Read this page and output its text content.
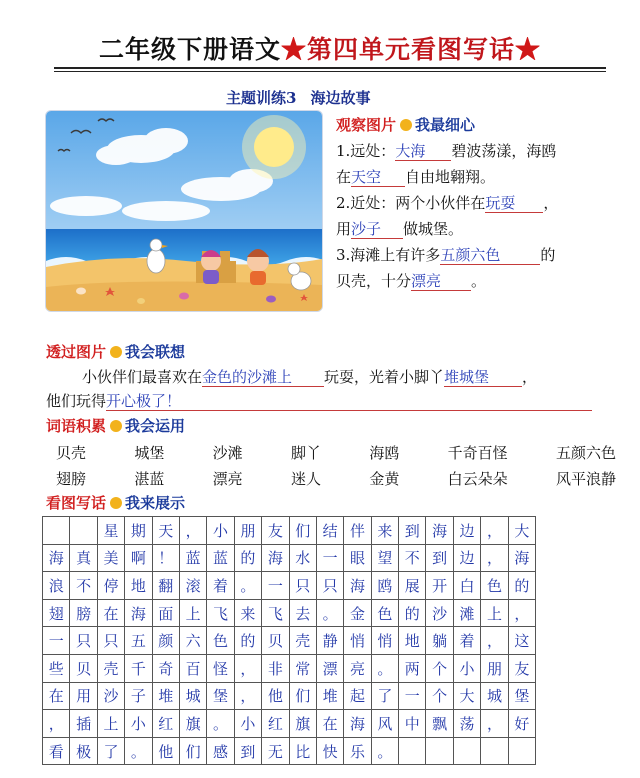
二年级下册语文★第四单元看图写话★
主题训练3 海边故事
观察图片 我最细心
1.远处：大海 碧波荡漾，海鸥
在天空 自由地翱翔。
2.近处：两个小伙伴在玩耍 ，
用沙子 做城堡。
3.海滩上有许多五颜六色	的
贝壳，十分漂亮 。
透过图片 我会联想
小伙伴们最喜欢在金色的沙滩上 玩耍，光着小脚丫堆城堡 ，
他们玩得开心极了！
词语积累 我会运用
贝壳	城堡	沙滩	脚丫	海鸥	千奇百怪	五颜六色
翅膀	湛蓝	漂亮	迷人	金黄	白云朵朵	风平浪静
看图写话 我来展示
		星	期	天	，	小	朋	友	们	结	伴	来	到	海	边	，	大
海	真	美	啊	！	蓝	蓝	的	海	水	一	眼	望	不	到	边	，	海
浪	不	停	地	翻	滚	着	。	一	只	只	海	鸥	展	开	白	色	的
翅	膀	在	海	面	上	飞	来	飞	去	。	金	色	的	沙	滩	上	，
一	只	只	五	颜	六	色	的	贝	壳	静	悄	悄	地	躺	着	，	这
些	贝	壳	千	奇	百	怪	，	非	常	漂	亮	。	两	个	小	朋	友
在	用	沙	子	堆	城	堡	，	他	们	堆	起	了	一	个	大	城	堡
，	插	上	小	红	旗	。	小	红	旗	在	海	风	中	飘	荡	，	好
看	极	了	。	他	们	感	到	无	比	快	乐	。					
